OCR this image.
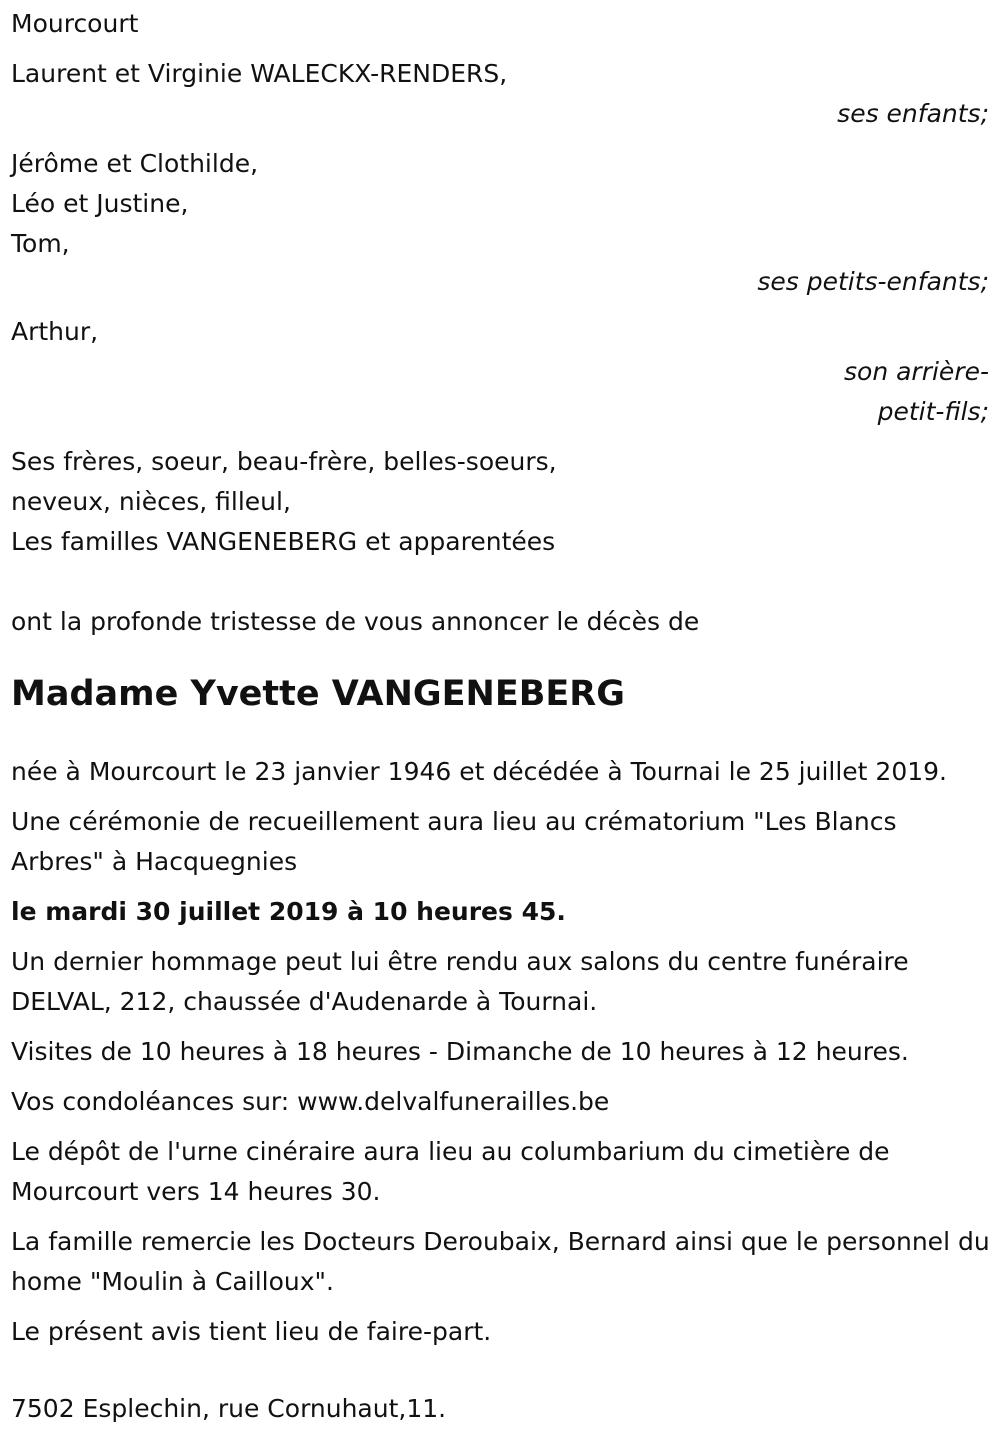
Mourcourt
Laurent et Virginie WALECKX-RENDERS,
ses enfants;
Jérôme et Clothilde,
Léo et Justine,
Tom,
ses petits-enfants;
Arthur,
son arrière-
petit-fils;
Ses frères, soeur, beau-frère, belles-soeurs,
neveux, nièces, filleul,
Les familles VANGENEBERG et apparentées
ont la profonde tristesse de vous annoncer le décès de
Madame Yvette VANGENEBERG
née à Mourcourt le 23 janvier 1946 et décédée à Tournai le 25 juillet 2019.
Une cérémonie de recueillement aura lieu au crématorium "Les Blancs Arbres" à Hacquegnies
le mardi 30 juillet 2019 à 10 heures 45.
Un dernier hommage peut lui être rendu aux salons du centre funéraire DELVAL, 212, chaussée d'Audenarde à Tournai.
Visites de 10 heures à 18 heures - Dimanche de 10 heures à 12 heures.
Vos condoléances sur: www.delvalfunerailles.be
Le dépôt de l'urne cinéraire aura lieu au columbarium du cimetière de Mourcourt vers 14 heures 30.
La famille remercie les Docteurs Deroubaix, Bernard ainsi que le personnel du home "Moulin à Cailloux".
Le présent avis tient lieu de faire-part.
7502 Esplechin, rue Cornuhaut,11.
